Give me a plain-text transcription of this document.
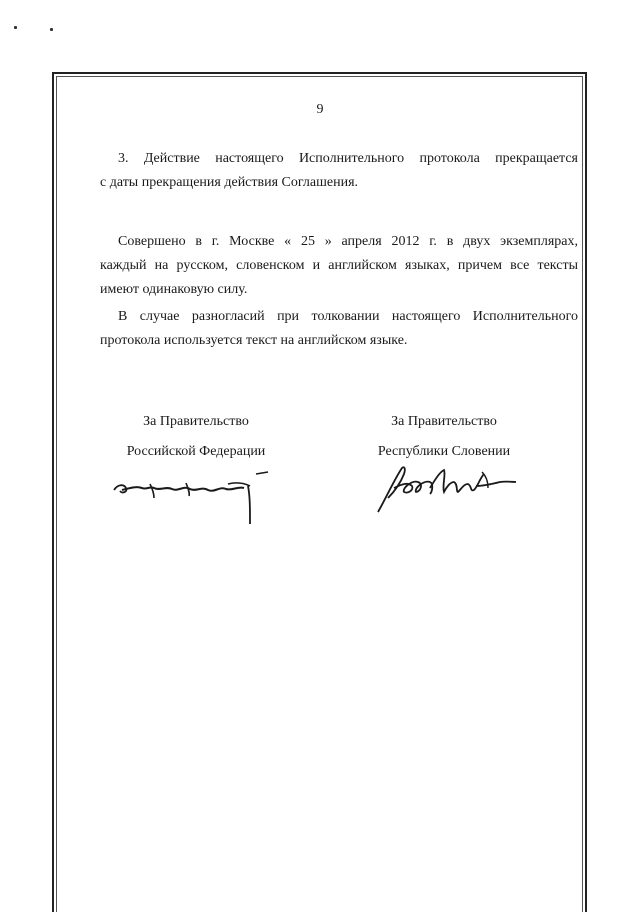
9
3. Действие настоящего Исполнительного протокола прекращается
с даты прекращения действия Соглашения.
Совершено в г. Москве « 25 » апреля 2012 г. в двух экземплярах,
каждый на русском, словенском и английском языках, причем все тексты
имеют одинаковую силу.
В случае разногласий при толковании настоящего Исполнительного
протокола используется текст на английском языке.
За Правительство
Российской Федерации
За Правительство
Республики Словении
